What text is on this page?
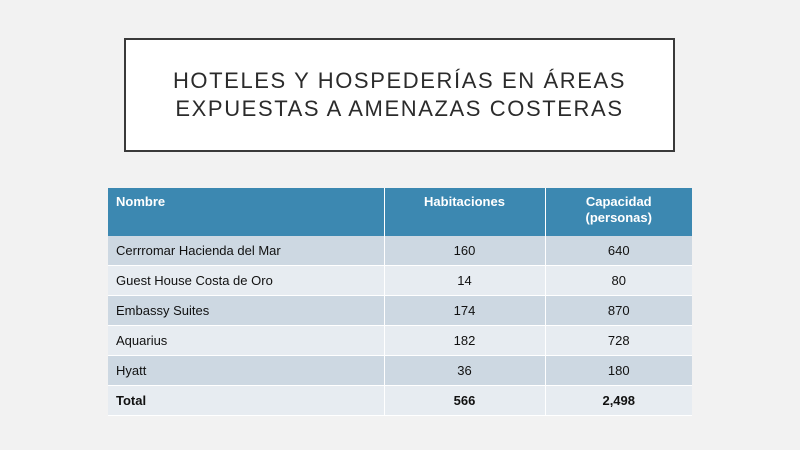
HOTELES Y HOSPEDERÍAS EN ÁREAS
EXPUESTAS A AMENAZAS COSTERAS
Nombre	Habitaciones	Capacidad
(personas)
Cerrromar Hacienda del Mar	160	640
Guest House Costa de Oro	14	80
Embassy Suites	174	870
Aquarius	182	728
Hyatt	36	180
Total	566	2,498
